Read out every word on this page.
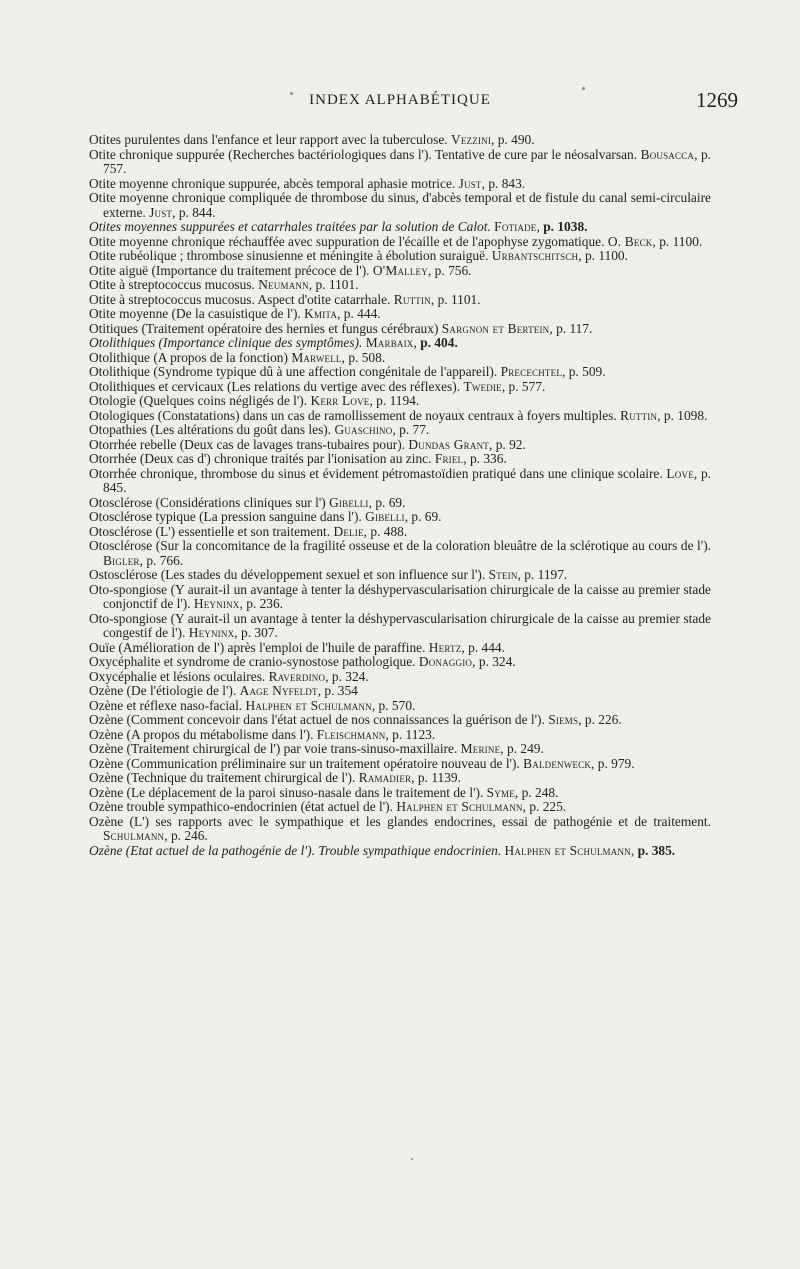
INDEX ALPHABÉTIQUE	1269
Otites purulentes dans l'enfance et leur rapport avec la tuberculose. Vezzini, p. 490.
Otite chronique suppurée (Recherches bactériologiques dans l'). Tentative de cure par le néosalvarsan. Bousacca, p. 757.
Otite moyenne chronique suppurée, abcès temporal aphasie motrice. Just, p. 843.
Otite moyenne chronique compliquée de thrombose du sinus, d'abcès temporal et de fistule du canal semi-circulaire externe. Just, p. 844.
Otites moyennes suppurées et catarrhales traitées par la solution de Calot. Fotiade, p. 1038.
Otite moyenne chronique réchauffée avec suppuration de l'écaille et de l'apophyse zygomatique. O. Beck, p. 1100.
Otite rubéolique ; thrombose sinusienne et méningite à ébolution suraiguë. Urbantschitsch, p. 1100.
Otite aiguë (Importance du traitement précoce de l'). O'Malley, p. 756.
Otite à streptococcus mucosus. Neumann, p. 1101.
Otite à streptococcus mucosus. Aspect d'otite catarrhale. Ruttin, p. 1101.
Otite moyenne (De la casuistique de l'). Kmita, p. 444.
Otitiques (Traitement opératoire des hernies et fungus cérébraux) Sargnon et Bertein, p. 117.
Otolithiques (Importance clinique des symptômes). Marbaix, p. 404.
Otolithique (A propos de la fonction) Marwell, p. 508.
Otolithique (Syndrome typique dû à une affection congénitale de l'appareil). Precechtel, p. 509.
Otolithiques et cervicaux (Les relations du vertige avec des réflexes). Twedie, p. 577.
Otologie (Quelques coins négligés de l'). Kerr Love, p. 1194.
Otologiques (Constatations) dans un cas de ramollissement de noyaux centraux à foyers multiples. Ruttin, p. 1098.
Otopathies (Les altérations du goût dans les). Guaschino, p. 77.
Otorrhée rebelle (Deux cas de lavages trans-tubaires pour). Dundas Grant, p. 92.
Otorrhée (Deux cas d') chronique traités par l'ionisation au zinc. Friel, p. 336.
Otorrhée chronique, thrombose du sinus et évidement pétromastoïdien pratiqué dans une clinique scolaire. Love, p. 845.
Otosclérose (Considérations cliniques sur l') Gibelli, p. 69.
Otosclérose typique (La pression sanguine dans l'). Gibelli, p. 69.
Otosclérose (L') essentielle et son traitement. Delie, p. 488.
Otosclérose (Sur la concomitance de la fragilité osseuse et de la coloration bleuâtre de la sclérotique au cours de l'). Bigler, p. 766.
Ostosclérose (Les stades du développement sexuel et son influence sur l'). Stein, p. 1197.
Oto-spongiose (Y aurait-il un avantage à tenter la déshypervascularisation chirurgicale de la caisse au premier stade conjonctif de l'). Heyninx, p. 236.
Oto-spongiose (Y aurait-il un avantage à tenter la déshypervascularisation chirurgicale de la caisse au premier stade congestif de l'). Heyninx, p. 307.
Ouïe (Amélioration de l') après l'emploi de l'huile de paraffine. Hertz, p. 444.
Oxycéphalite et syndrome de cranio-synostose pathologique. Donaggio, p. 324.
Oxycéphalie et lésions oculaires. Raverdino, p. 324.
Ozène (De l'étiologie de l'). Aage Nyfeldt, p. 354
Ozène et réflexe naso-facial. Halphen et Schulmann, p. 570.
Ozène (Comment concevoir dans l'état actuel de nos connaissances la guérison de l'). Siems, p. 226.
Ozène (A propos du métabolisme dans l'). Fleischmann, p. 1123.
Ozène (Traitement chirurgical de l') par voie trans-sinuso-maxillaire. Merine, p. 249.
Ozène (Communication préliminaire sur un traitement opératoire nouveau de l'). Baldenweck, p. 979.
Ozène (Technique du traitement chirurgical de l'). Ramadier, p. 1139.
Ozène (Le déplacement de la paroi sinuso-nasale dans le traitement de l'). Syme, p. 248.
Ozène trouble sympathico-endocrinien (état actuel de l'). Halphen et Schulmann, p. 225.
Ozène (L') ses rapports avec le sympathique et les glandes endocrines, essai de pathogénie et de traitement. Schulmann, p. 246.
Ozène (Etat actuel de la pathogénie de l'). Trouble sympathique endocrinien. Halphen et Schulmann, p. 385.
